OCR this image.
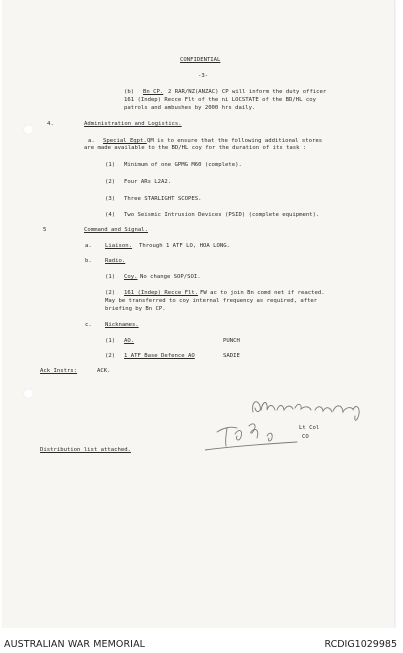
CONFIDENTIAL
-3-
(b) Bn CP. 2 RAR/NZ(ANZAC) CP will inform the duty officer
161 (Indep) Recce Flt of the ni LOCSTATE of the BD/HL coy
patrols and ambushes by 2000 hrs daily.
4.	Administration and Logistics.
a. Special Eqpt. QM is to ensure that the following additional stores
are made available to the BD/HL coy for the duration of its task :
(1) Minimum of one GPMG M60 (complete).
(2) Four ARs L2A2.
(3) Three STARLIGHT SCOPES.
(4) Two Seismic Intrusion Devices (PSID) (complete equipment).
5	Command and Signal.
a. Liaison. Through 1 ATF LO, HOA LONG.
b. Radio.
(1) Coy. No change SOP/SOI.
(2) 161 (Indep) Recce Flt. FW ac to join Bn comd net if reacted.
May be transferred to coy internal frequency as required, after
briefing by Bn CP.
c. Nicknames.
(1) AO.	PUNCH
(2) 1 ATF Base Defence AO	SADIE
Ack Instrs:	ACK.
Lt Col
CO
Distribution list attached.
AUSTRALIAN WAR MEMORIAL	RCDIG1029985
